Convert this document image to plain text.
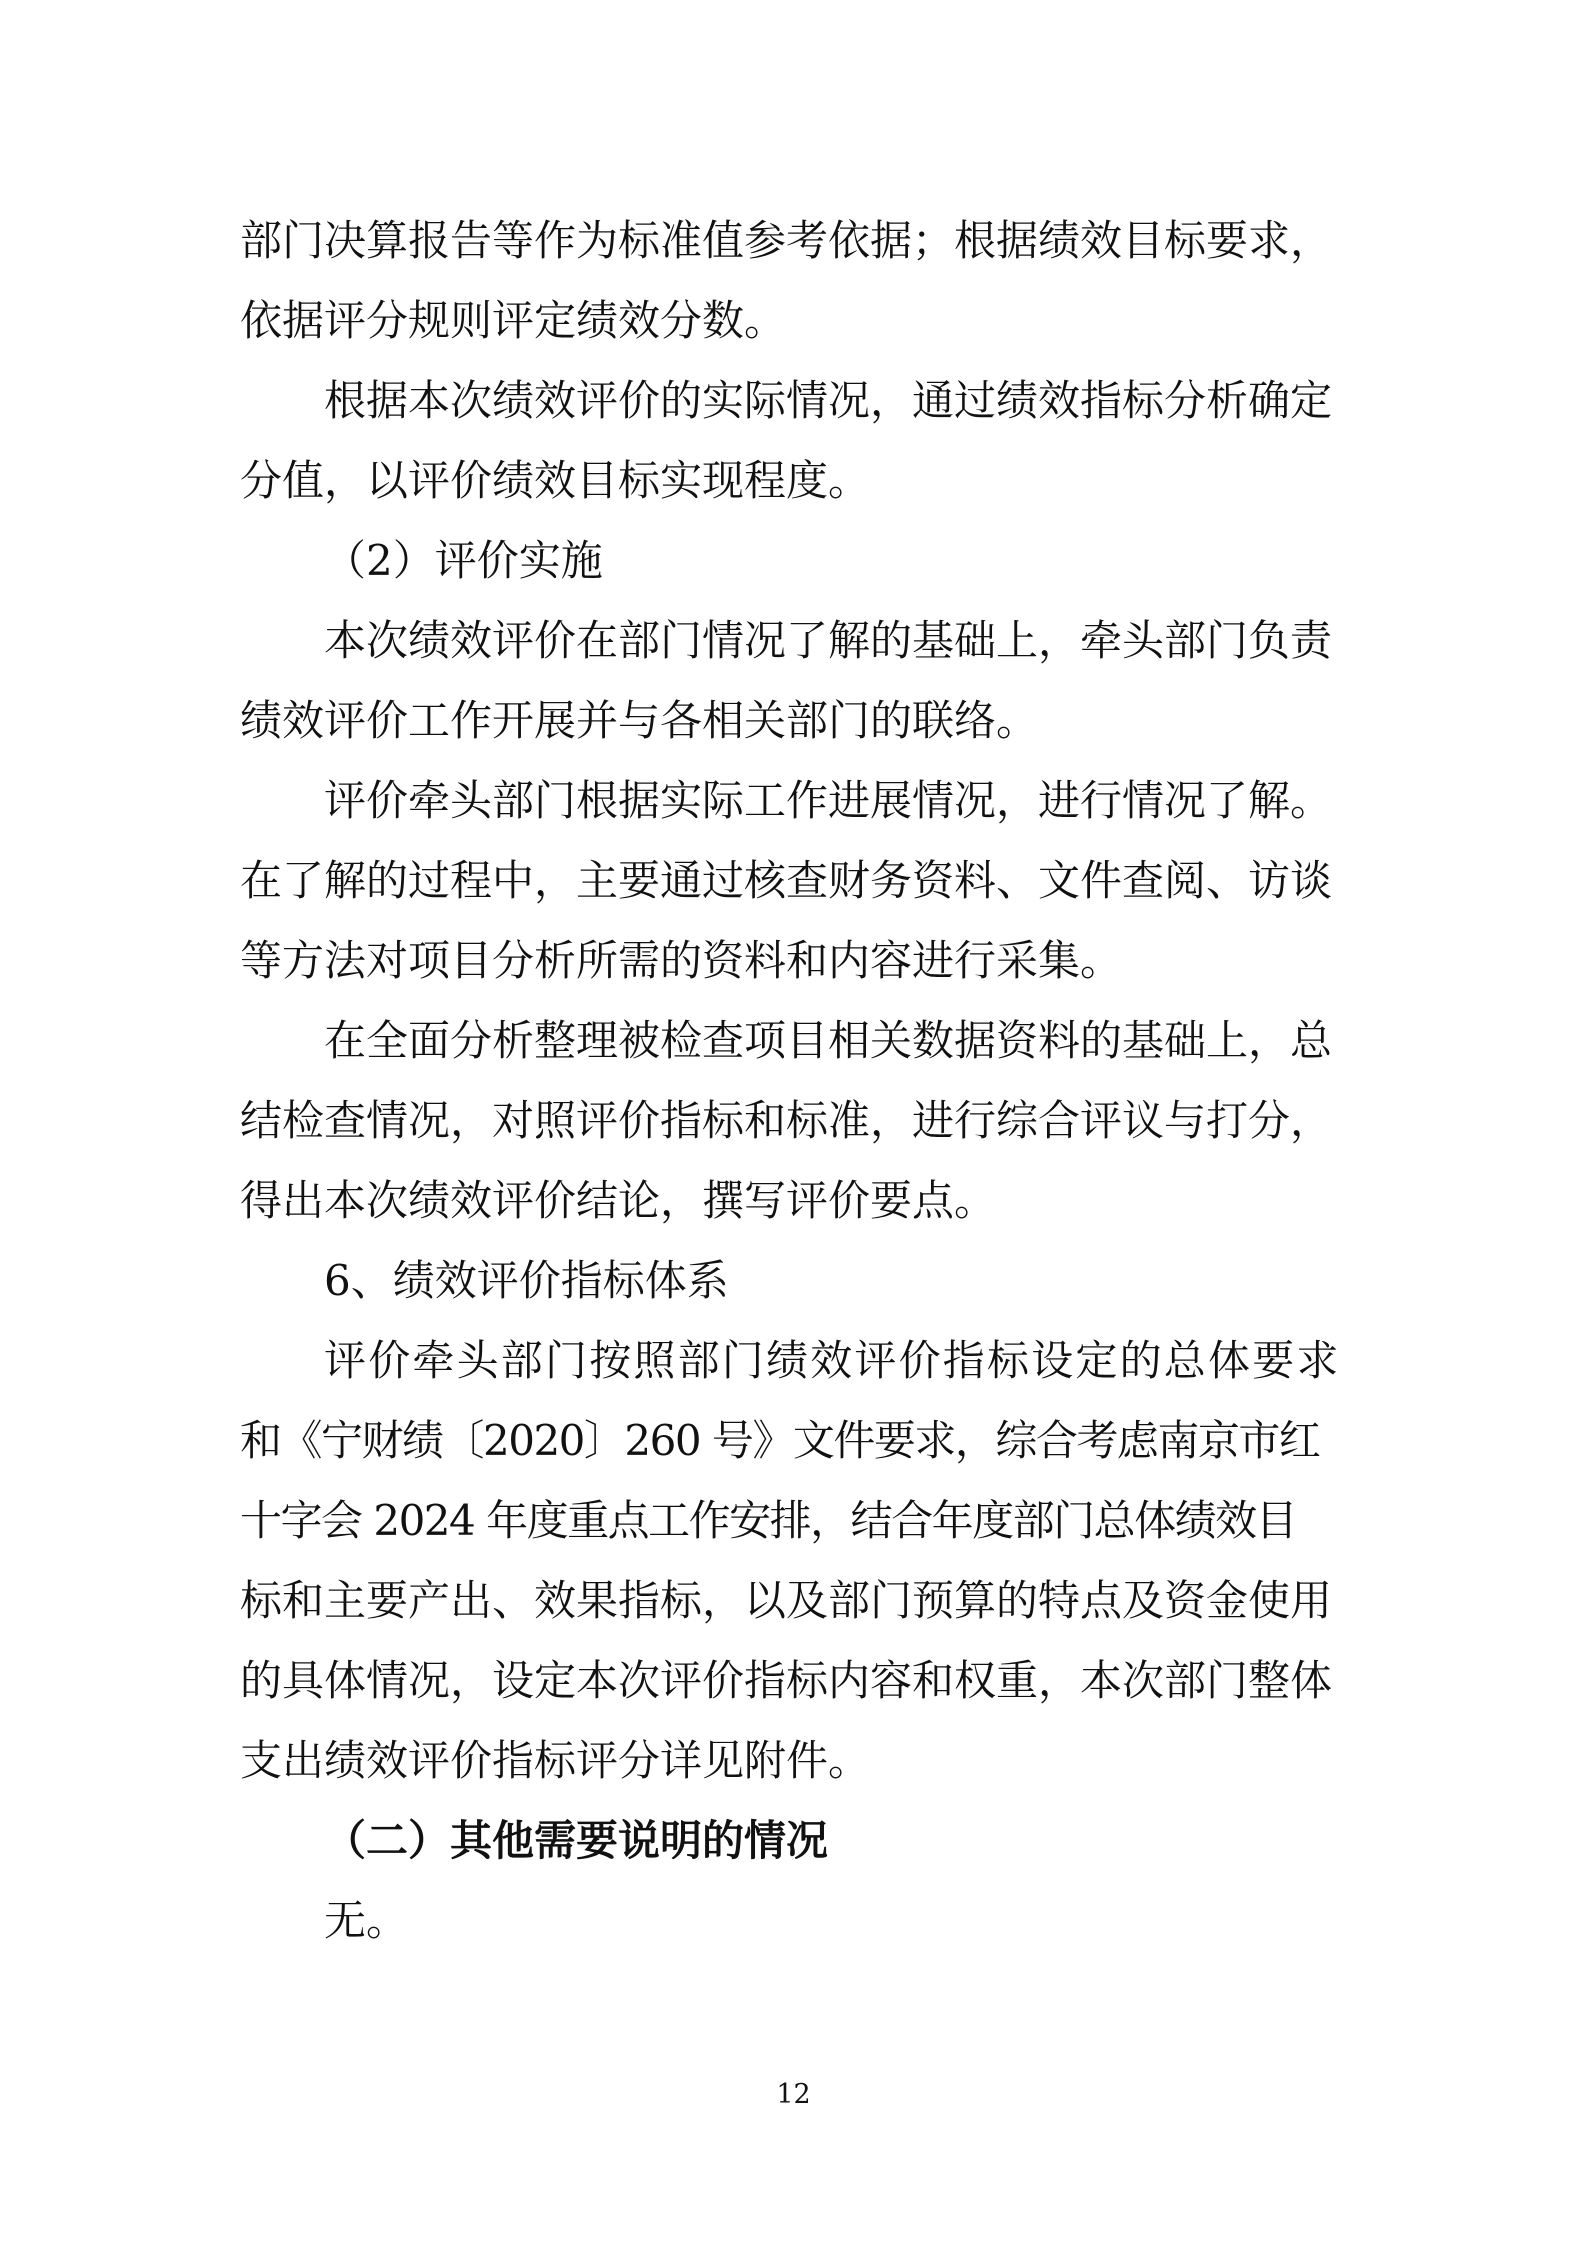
部门决算报告等作为标准值参考依据；根据绩效目标要求，
依据评分规则评定绩效分数。
根据本次绩效评价的实际情况，通过绩效指标分析确定
分值，以评价绩效目标实现程度。
（2）评价实施
本次绩效评价在部门情况了解的基础上，牵头部门负责
绩效评价工作开展并与各相关部门的联络。
评价牵头部门根据实际工作进展情况，进行情况了解。
在了解的过程中，主要通过核查财务资料、文件查阅、访谈
等方法对项目分析所需的资料和内容进行采集。
在全面分析整理被检查项目相关数据资料的基础上，总
结检查情况，对照评价指标和标准，进行综合评议与打分，
得出本次绩效评价结论，撰写评价要点。
6、绩效评价指标体系
评价牵头部门按照部门绩效评价指标设定的总体要求
和《宁财绩〔2020〕260 号》文件要求，综合考虑南京市红
十字会 2024 年度重点工作安排，结合年度部门总体绩效目
标和主要产出、效果指标，以及部门预算的特点及资金使用
的具体情况，设定本次评价指标内容和权重，本次部门整体
支出绩效评价指标评分详见附件。
（二）其他需要说明的情况
无。
12
